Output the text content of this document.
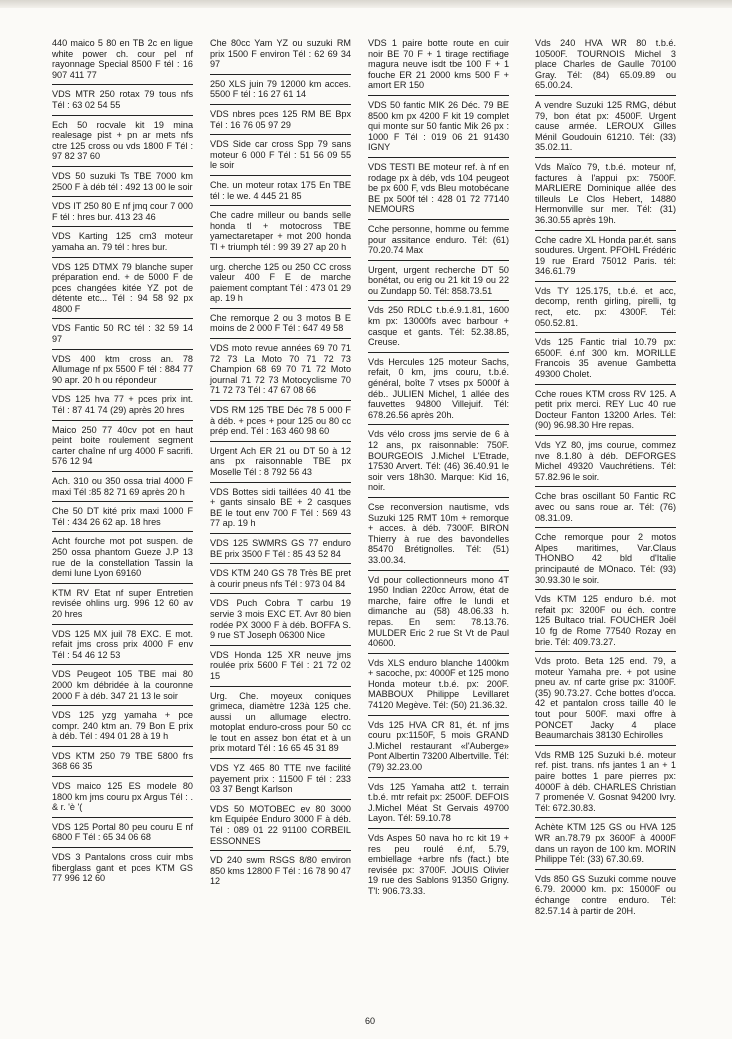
440 maico 5 80 en TB 2c en ligue white power ch. cour pel nf rayonnage Special 8500 F tél : 16 907 411 77
VDS MTR 250 rotax 79 tous nfs Tél : 63 02 54 55
Ech 50 rocvale kit 19 mina realesage pist + pn ar mets nfs ctre 125 cross ou vds 1800 F Tél : 97 82 37 60
VDS 50 suzuki Ts TBE 7000 km 2500 F à déb tél : 492 13 00 le soir
VDS IT 250 80 E nf jmq cour 7 000 F tél : hres bur. 413 23 46
VDS Karting 125 cm3 moteur yamaha an. 79 tél : hres bur.
VDS 125 DTMX 79 blanche super préparation end. + de 5000 F de pces changées kitée YZ pot de détente etc... Tél : 94 58 92 px 4800 F
VDS Fantic 50 RC tél : 32 59 14 97
VDS 400 ktm cross an. 78 Allumage nf px 5500 F tél : 884 77 90 apr. 20 h ou répondeur
VDS 125 hva 77 + pces prix int. Tél : 87 41 74 (29) après 20 hres
Maico 250 77 40cv pot en haut peint boite roulement segment carter chaîne nf urg 4000 F sacrifi. 576 12 94
Ach. 310 ou 350 ossa trial 4000 F maxi Tél :85 82 71 69 après 20 h
Che 50 DT kité prix maxi 1000 F Tél : 434 26 62 ap. 18 hres
Acht fourche mot pot suspen. de 250 ossa phantom Gueze J.P 13 rue de la constellation Tassin la demi lune Lyon 69160
KTM RV Etat nf super Entretien revisée ohlins urg. 996 12 60 av 20 hres
VDS 125 MX juil 78 EXC. E mot. refait jms cross prix 4000 F env Tél : 54 46 12 53
VDS Peugeot 105 TBE mai 80 2000 km débridée à la couronne 2000 F à déb. 347 21 13 le soir
VDS 125 yzg yamaha + pce compr. 240 ktm an. 79 Bon E prix à déb. Tél : 494 01 28 à 19 h
VDS KTM 250 79 TBE 5800 frs 368 66 35
VDS maico 125 ES modele 80 1800 km jms couru px Argus Tél : . & r. 'è '(
VDS 125 Portal 80 peu couru E nf 6800 F Tél : 65 34 06 68
VDS 3 Pantalons cross cuir mbs fiberglass gant et pces KTM GS 77 996 12 60
Che 80cc Yam YZ ou suzuki RM prix 1500 F environ Tél : 62 69 34 97
250 XLS juin 79 12000 km acces. 5500 F tél : 16 27 61 14
VDS nbres pces 125 RM BE Bpx Tél : 16 76 05 97 29
VDS Side car cross Spp 79 sans moteur 6 000 F Tél : 51 56 09 55 le soir
Che. un moteur rotax 175 En TBE tél : le we. 4 445 21 85
Che cadre milleur ou bands selle honda tl + motocross TBE yamectaretaper + mot 200 honda Tl + triumph tél : 99 39 27 ap 20 h
urg. cherche 125 ou 250 CC cross valeur 400 F E de marche paiement comptant Tél : 473 01 29 ap. 19 h
Che remorque 2 ou 3 motos B E moins de 2 000 F Tél : 647 49 58
VDS moto revue années 69 70 71 72 73 La Moto 70 71 72 73 Champion 68 69 70 71 72 Moto journal 71 72 73 Motocyclisme 70 71 72 73 Tél : 47 67 08 66
VDS RM 125 TBE Déc 78 5 000 F à déb. + pces + pour 125 ou 80 cc prép end. Tél : 163 460 98 60
Urgent Ach ER 21 ou DT 50 à 12 ans px raisonnable TBE px Moselle Tél : 8 792 56 43
VDS Bottes sidi taillées 40 41 tbe + gants sinsalo BE + 2 casques BE le tout env 700 F Tél : 569 43 77 ap. 19 h
VDS 125 SWMRS GS 77 enduro BE prix 3500 F Tél : 85 43 52 84
VDS KTM 240 GS 78 Très BE pret à courir pneus nfs Tél : 973 04 84
VDS Puch Cobra T carbu 19 servie 3 mois EXC ET. Avr 80 bien rodée PX 3000 F à déb. BOFFA S. 9 rue ST Joseph 06300 Nice
VDS Honda 125 XR neuve jms roulée prix 5600 F Tél : 21 72 02 15
Urg. Che. moyeux coniques grimeca, diamètre 123à 125 che. aussi un allumage electro. motoplat enduro-cross pour 50 cc le tout en assez bon état et à un prix motard Tél : 16 65 45 31 89
VDS YZ 465 80 TTE nve facilité payement prix : 11500 F tél : 233 03 37 Bengt Karlson
VDS 50 MOTOBEC ev 80 3000 km Equipée Enduro 3000 F à déb. Tél : 089 01 22 91100 CORBEIL ESSONNES
VD 240 swm RSGS 8/80 environ 850 kms 12800 F Tél : 16 78 90 47 12
VDS 1 paire botte route en cuir noir BE 70 F + 1 tirage rectifiage magura neuve isdt tbe 100 F + 1 fouche ER 21 2000 kms 500 F + amort ER 150
VDS 50 fantic MIK 26 Déc. 79 BE 8500 km px 4200 F kit 19 complet qui monte sur 50 fantic Mik 26 px : 1000 F Tél : 019 06 21 91430 IGNY
VDS TESTI BE moteur ref. à nf en rodage px à déb, vds 104 peugeot be px 600 F, vds Bleu motobécane BE px 500f tél : 428 01 72 77140 NEMOURS
Cche personne, homme ou femme pour assitance enduro. Tél: (61) 70.20.74 Max
Urgent, urgent recherche DT 50 bonétat, ou erig ou 21 kit 19 ou 22 ou Zundapp 50. Tél: 858.73.51
Vds 250 RDLC t.b.é.9.1.81, 1600 km px: 13000fs avec barbour + casque et gants. Tél: 52.38.85, Creuse.
Vds Hercules 125 moteur Sachs, refait, 0 km, jms couru, t.b.é. général, boîte 7 vtses px 5000f à déb.. JULIEN Michel, 1 allée des fauvettes 94800 Villejuif. Tél: 678.26.56 après 20h.
Vds vélo cross jms servie de 6 à 12 ans, px raisonnable: 750F. BOURGEOIS J.Michel L'Etrade, 17530 Arvert. Tél: (46) 36.40.91 le soir vers 18h30. Marque: Kid 16, noir.
Cse reconversion nautisme, vds Suzuki 125 RMT 10m + remorque + acces. à déb. 7300F. BIRON Thierry à rue des bavondelles 85470 Brétignolles. Tél: (51) 33.00.34.
Vd pour collectionneurs mono 4T 1950 Indian 220cc Arrow, état de marche, faire offre le lundi et dimanche au (58) 48.06.33 h. repas. En sem: 78.13.76. MULDER Eric 2 rue St Vt de Paul 40600.
Vds XLS enduro blanche 1400km + sacoche, px: 4000F et 125 mono Honda moteur t.b.é. px: 200F. MABBOUX Philippe Levillaret 74120 Megève. Tél: (50) 21.36.32.
Vds 125 HVA CR 81, ét. nf jms couru px:1150F, 5 mois GRAND J.Michel restaurant «l'Auberge» Pont Albertin 73200 Albertville. Tél: (79) 32.23.00
Vds 125 Yamaha att2 t. terrain t.b.é. mtr refait px: 2500F. DEFOIS J.Michel Méat St Gervais 49700 Layon. Tél: 59.10.78
Vds Aspes 50 nava ho rc kit 19 + res peu roulé é.nf, 5.79, embiellage +arbre nfs (fact.) bte revisée px: 3700F. JOUIS Olivier 19 rue des Sablons 91350 Grigny. T'l: 906.73.33.
Vds 240 HVA WR 80 t.b.é. 10500F. TOURNOIS Michel 3 place Charles de Gaulle 70100 Gray. Tél: (84) 65.09.89 ou 65.00.24.
A vendre Suzuki 125 RMG, début 79, bon état px: 4500F. Urgent cause armée. LEROUX Gilles Ménil Goudouin 61210. Tél: (33) 35.02.11.
Vds Maïco 79, t.b.é. moteur nf, factures à l'appui px: 7500F. MARLIERE Dominique allée des tilleuls Le Clos Hebert, 14880 Hermonville sur mer. Tél: (31) 36.30.55 après 19h.
Cche cadre XL Honda par.ét. sans soudures. Urgent. PFOHL Frédéric 19 rue Erard 75012 Paris. tél: 346.61.79
Vds TY 125.175, t.b.é. et acc, decomp, renth girling, pirelli, tg rect, etc. px: 4300F. Tél: 050.52.81.
Vds 125 Fantic trial 10.79 px: 6500F. é.nf 300 km. MORILLE Francois 35 avenue Gambetta 49300 Cholet.
Cche roues KTM cross RV 125. A petit prix merci. REY Luc 40 rue Docteur Fanton 13200 Arles. Tél: (90) 96.98.30 Hre repas.
Vds YZ 80, jms courue, commez nve 8.1.80 à déb. DEFORGES Michel 49320 Vauchrétiens. Tél: 57.82.96 le soir.
Cche bras oscillant 50 Fantic RC avec ou sans roue ar. Tél: (76) 08.31.09.
Cche remorque pour 2 motos Alpes maritimes, Var.Claus THONBO 42 bld d'Italie principauté de MOnaco. Tél: (93) 30.93.30 le soir.
Vds KTM 125 enduro b.é. mot refait px: 3200F ou éch. contre 125 Bultaco trial. FOUCHER Joël 10 fg de Rome 77540 Rozay en brie. Tél: 409.73.27.
Vds proto. Beta 125 end. 79, a moteur Yamaha pre. + pot usine pneu av. nf carte grise px: 3100F. (35) 90.73.27. Cche bottes d'occa. 42 et pantalon cross taille 40 le tout pour 500F. maxi offre à PONCET Jacky 4 place Beaumarchais 38130 Echirolles
Vds RMB 125 Suzuki b.é. moteur ref. pist. trans. nfs jantes 1 an + 1 paire bottes 1 pare pierres px: 4000F à déb. CHARLES Christian 7 promenée V. Gosnat 94200 Ivry. Tél: 672.30.83.
Achète KTM 125 GS ou HVA 125 WR an.78.79 px 3600F à 4000F dans un rayon de 100 km. MORIN Philippe Tél: (33) 67.30.69.
Vds 850 GS Suzuki comme nouve 6.79. 20000 km. px: 15000F ou échange contre enduro. Tél: 82.57.14 à partir de 20H.
60
